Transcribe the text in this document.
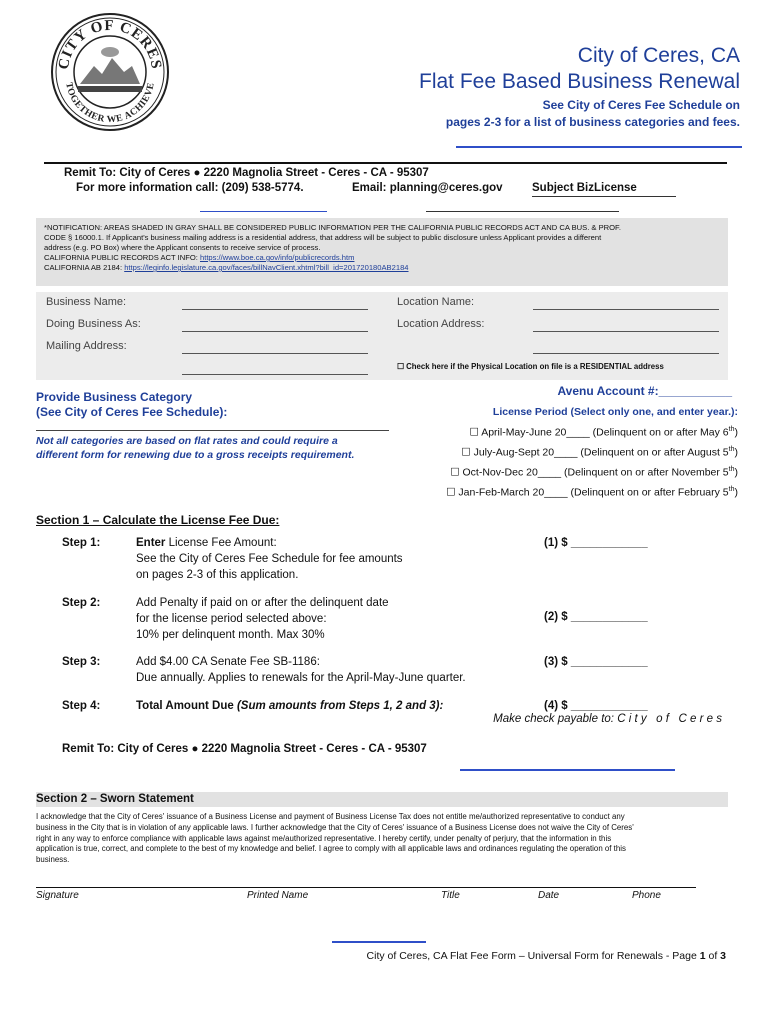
CITY OF CERES
TOGETHER WE ACHIEVE
City of Ceres, CA
Flat Fee Based Business Renewal
See City of Ceres Fee Schedule on
pages 2-3 for a list of business categories and fees.
Remit To: City of Ceres ● 2220 Magnolia Street - Ceres - CA - 95307
For more information call: (209) 538-5774.	Email: planning@ceres.gov	Subject BizLicense
*NOTIFICATION: AREAS SHADED IN GRAY SHALL BE CONSIDERED PUBLIC INFORMATION PER THE CALIFORNIA PUBLIC RECORDS ACT AND CA BUS. & PROF.
CODE § 16000.1. If Applicant's business mailing address is a residential address, that address will be subject to public disclosure unless Applicant provides a different
address (e.g. PO Box) where the Applicant consents to receive service of process.
CALIFORNIA PUBLIC RECORDS ACT INFO: https://www.boe.ca.gov/info/publicrecords.htm
CALIFORNIA AB 2184: https://leginfo.legislature.ca.gov/faces/billNavClient.xhtml?bill_id=201720180AB2184
Business Name:
Doing Business As:
Mailing Address:
Location Name:
Location Address:
☐ Check here if the Physical Location on file is a RESIDENTIAL address
Provide Business Category
(See City of Ceres Fee Schedule):
Not all categories are based on flat rates and could require a
different form for renewing due to a gross receipts requirement.
Avenu Account #:___________
License Period (Select only one, and enter year.):
☐ April-May-June 20____ (Delinquent on or after May 6th)
☐ July-Aug-Sept 20____ (Delinquent on or after August 5th)
☐ Oct-Nov-Dec 20____ (Delinquent on or after November 5th)
☐ Jan-Feb-March 20____ (Delinquent on or after February 5th)
Section 1 – Calculate the License Fee Due:
Step 1:	Enter License Fee Amount:
See the City of Ceres Fee Schedule for fee amounts
on pages 2-3 of this application.
(1) $ ____________
Step 2:	Add Penalty if paid on or after the delinquent date
for the license period selected above:
10% per delinquent month. Max 30%
(2) $ ____________
Step 3:	Add $4.00 CA Senate Fee SB-1186:
Due annually. Applies to renewals for the April-May-June quarter.
(3) $ ____________
Step 4:	Total Amount Due (Sum amounts from Steps 1, 2 and 3):	(4) $ ____________
Make check payable to: C i t y   o f   C e r e s
Remit To: City of Ceres ● 2220 Magnolia Street - Ceres - CA - 95307
Section 2 – Sworn Statement
I acknowledge that the City of Ceres' issuance of a Business License and payment of Business License Tax does not entitle me/authorized representative to conduct any
business in the City that is in violation of any applicable laws. I further acknowledge that the City of Ceres' issuance of a Business License does not waive the City of Ceres'
right in any way to enforce compliance with applicable laws against me/authorized representative. I hereby certify, under penalty of perjury, that the information in this
application is true, correct, and complete to the best of my knowledge and belief. I agree to comply with all applicable laws and ordinances regulating the operation of this
business.
Signature	Printed Name	Title	Date	Phone
City of Ceres, CA Flat Fee Form – Universal Form for Renewals - Page 1 of 3
